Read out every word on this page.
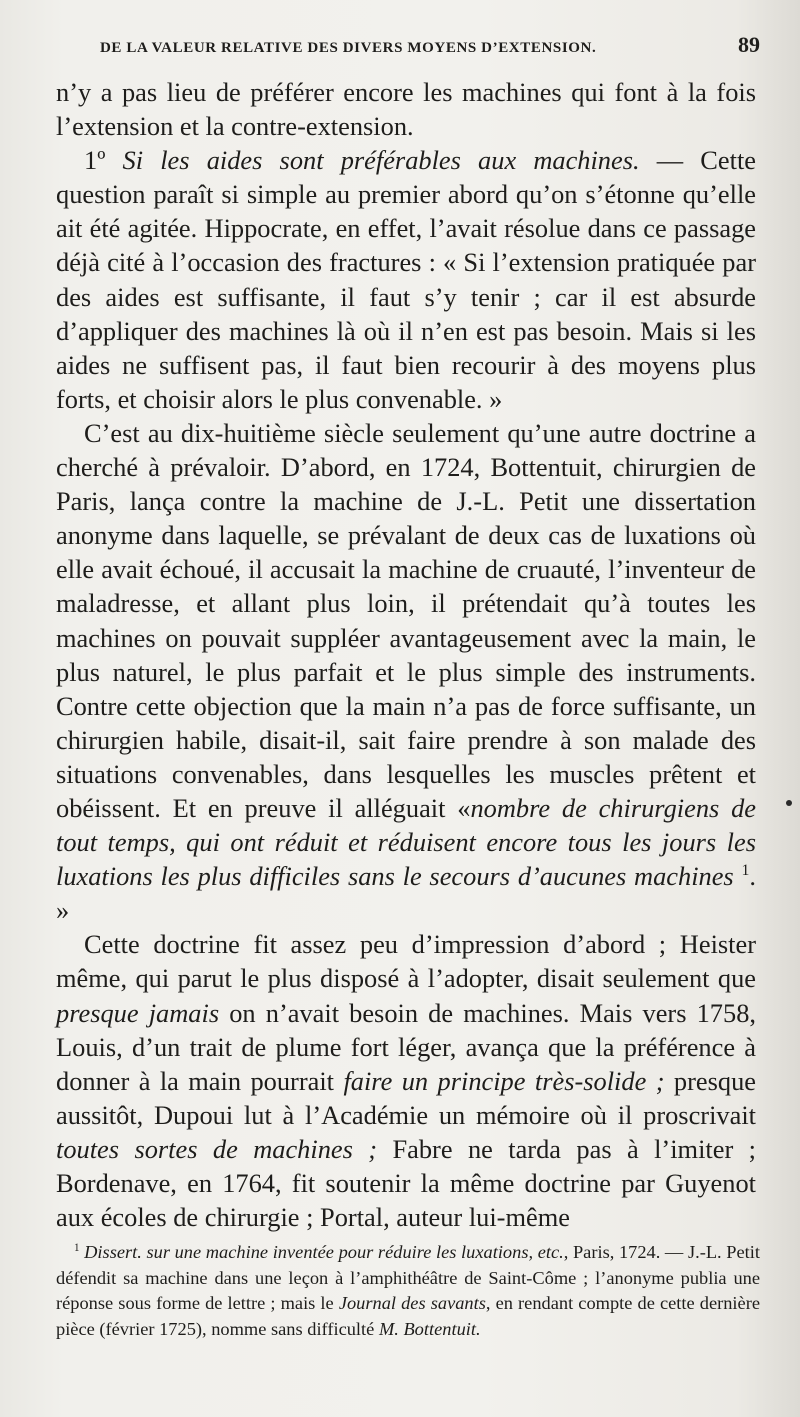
DE LA VALEUR RELATIVE DES DIVERS MOYENS D’EXTENSION.	89

n’y a pas lieu de préférer encore les machines qui font à la fois l’extension et la contre-extension.

1º Si les aides sont préférables aux machines. — Cette question paraît si simple au premier abord qu’on s’étonne qu’elle ait été agitée. Hippocrate, en effet, l’avait résolue dans ce passage déjà cité à l’occasion des fractures : « Si l’extension pratiquée par des aides est suffisante, il faut s’y tenir ; car il est absurde d’appliquer des machines là où il n’en est pas besoin. Mais si les aides ne suffisent pas, il faut bien recourir à des moyens plus forts, et choisir alors le plus convenable. »

C’est au dix-huitième siècle seulement qu’une autre doctrine a cherché à prévaloir. D’abord, en 1724, Bottentuit, chirurgien de Paris, lança contre la machine de J.-L. Petit une dissertation anonyme dans laquelle, se prévalant de deux cas de luxations où elle avait échoué, il accusait la machine de cruauté, l’inventeur de maladresse, et allant plus loin, il prétendait qu’à toutes les machines on pouvait suppléer avantageusement avec la main, le plus naturel, le plus parfait et le plus simple des instruments. Contre cette objection que la main n’a pas de force suffisante, un chirurgien habile, disait-il, sait faire prendre à son malade des situations convenables, dans lesquelles les muscles prêtent et obéissent. Et en preuve il alléguait «nombre de chirurgiens de tout temps, qui ont réduit et réduisent encore tous les jours les luxations les plus difficiles sans le secours d’aucunes machines $^1$. »

Cette doctrine fit assez peu d’impression d’abord ; Heister même, qui parut le plus disposé à l’adopter, disait seulement que presque jamais on n’avait besoin de machines. Mais vers 1758, Louis, d’un trait de plume fort léger, avança que la préférence à donner à la main pourrait faire un principe très-solide ; presque aussitôt, Dupoui lut à l’Académie un mémoire où il proscrivait toutes sortes de machines ; Fabre ne tarda pas à l’imiter ; Bordenave, en 1764, fit soutenir la même doctrine par Guyenot aux écoles de chirurgie ; Portal, auteur lui-même

$^1$ Dissert. sur une machine inventée pour réduire les luxations, etc., Paris, 1724. — J.-L. Petit défendit sa machine dans une leçon à l’amphithéâtre de Saint-Côme ; l’anonyme publia une réponse sous forme de lettre ; mais le Journal des savants, en rendant compte de cette dernière pièce (février 1725), nomme sans difficulté M. Bottentuit.
